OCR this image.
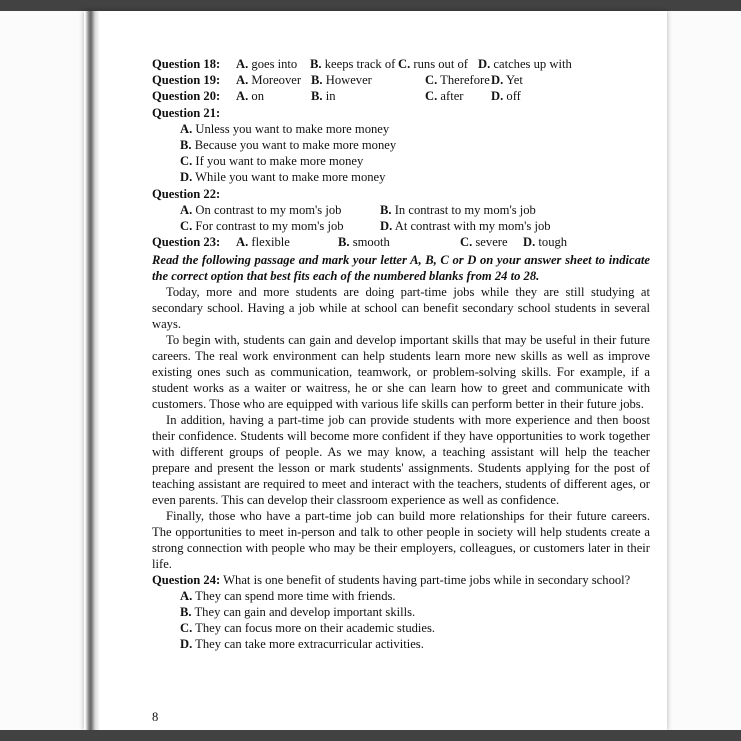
Question 18:	A. goes into	B. keeps track of C. runs out of D. catches up with
Question 19:	A. Moreover B. However	C. Therefore D. Yet
Question 20:	A. on	B. in	C. after	D. off
Question 21:
A. Unless you want to make more money
B. Because you want to make more money
C. If you want to make more money
D. While you want to make more money
Question 22:
A. On contrast to my mom's job	B. In contrast to my mom's job
C. For contrast to my mom's job	D. At contrast with my mom's job
Question 23:	A. flexible	B. smooth	C. severe	D. tough
Read the following passage and mark your letter A, B, C or D on your answer sheet to indicate the correct option that best fits each of the numbered blanks from 24 to 28.
Today, more and more students are doing part-time jobs while they are still studying at secondary school. Having a job while at school can benefit secondary school students in several ways.
To begin with, students can gain and develop important skills that may be useful in their future careers. The real work environment can help students learn more new skills as well as improve existing ones such as communication, teamwork, or problem-solving skills. For example, if a student works as a waiter or waitress, he or she can learn how to greet and communicate with customers. Those who are equipped with various life skills can perform better in their future jobs.
In addition, having a part-time job can provide students with more experience and then boost their confidence. Students will become more confident if they have opportunities to work together with different groups of people. As we may know, a teaching assistant will help the teacher prepare and present the lesson or mark students' assignments. Students applying for the post of teaching assistant are required to meet and interact with the teachers, students of different ages, or even parents. This can develop their classroom experience as well as confidence.
Finally, those who have a part-time job can build more relationships for their future careers. The opportunities to meet in-person and talk to other people in society will help students create a strong connection with people who may be their employers, colleagues, or customers later in their life.
Question 24: What is one benefit of students having part-time jobs while in secondary school?
A. They can spend more time with friends.
B. They can gain and develop important skills.
C. They can focus more on their academic studies.
D. They can take more extracurricular activities.
8
